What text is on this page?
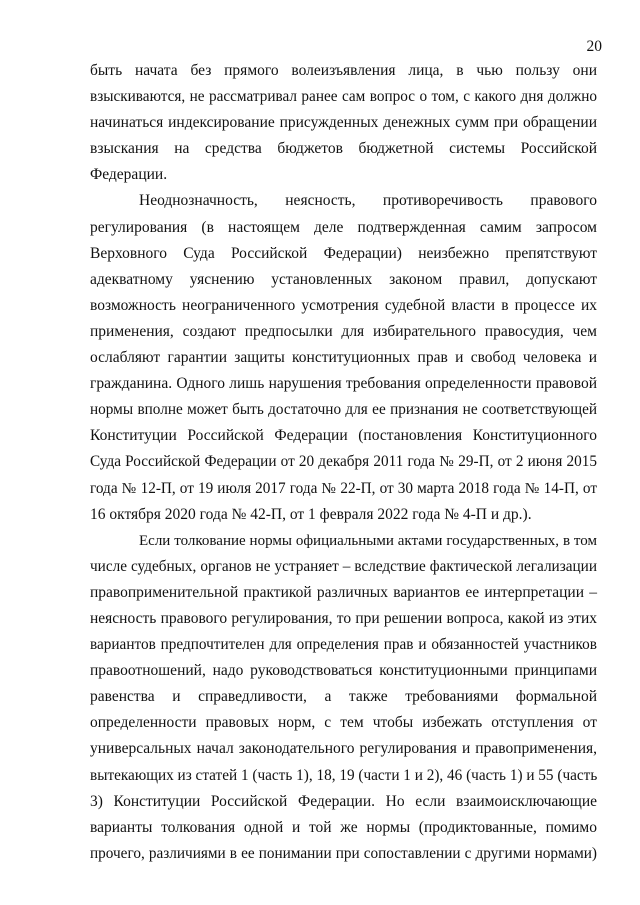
20
быть начата без прямого волеизъявления лица, в чью пользу они
взыскиваются, не рассматривал ранее сам вопрос о том, с какого дня должно
начинаться индексирование присужденных денежных сумм при обращении
взыскания на средства бюджетов бюджетной системы Российской
Федерации.
Неоднозначность, неясность, противоречивость правового
регулирования (в настоящем деле подтвержденная самим запросом
Верховного Суда Российской Федерации) неизбежно препятствуют
адекватному уяснению установленных законом правил, допускают
возможность неограниченного усмотрения судебной власти в процессе их
применения, создают предпосылки для избирательного правосудия, чем
ослабляют гарантии защиты конституционных прав и свобод человека и
гражданина. Одного лишь нарушения требования определенности правовой
нормы вполне может быть достаточно для ее признания не соответствующей
Конституции Российской Федерации (постановления Конституционного
Суда Российской Федерации от 20 декабря 2011 года № 29-П, от 2 июня 2015
года № 12-П, от 19 июля 2017 года № 22-П, от 30 марта 2018 года № 14-П, от
16 октября 2020 года № 42-П, от 1 февраля 2022 года № 4-П и др.).
Если толкование нормы официальными актами государственных, в том
числе судебных, органов не устраняет – вследствие фактической легализации
правоприменительной практикой различных вариантов ее интерпретации –
неясность правового регулирования, то при решении вопроса, какой из этих
вариантов предпочтителен для определения прав и обязанностей участников
правоотношений, надо руководствоваться конституционными принципами
равенства и справедливости, а также требованиями формальной
определенности правовых норм, с тем чтобы избежать отступления от
универсальных начал законодательного регулирования и правоприменения,
вытекающих из статей 1 (часть 1), 18, 19 (части 1 и 2), 46 (часть 1) и 55 (часть
3) Конституции Российской Федерации. Но если взаимоисключающие
варианты толкования одной и той же нормы (продиктованные, помимо
прочего, различиями в ее понимании при сопоставлении с другими нормами)
